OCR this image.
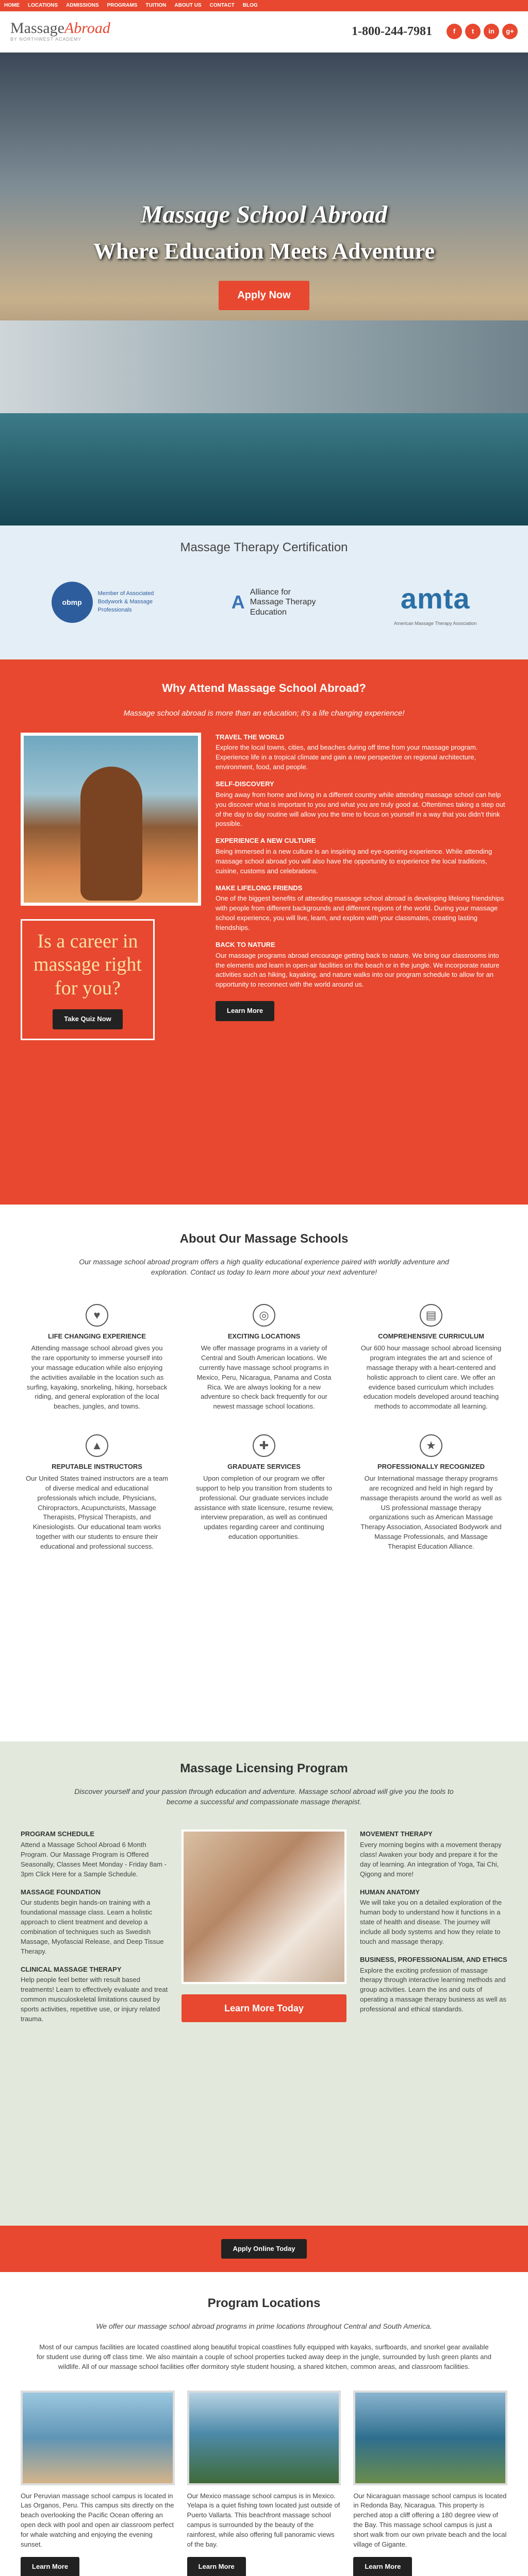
HOME LOCATIONS ADMISSIONS PROGRAMS TUITION ABOUT US CONTACT BLOG
MassageAbroad
BY NORTHWEST ACADEMY
1-800-244-7981	f	t	in	g+
Massage School Abroad
Where Education Meets Adventure
Apply Now
Massage Therapy Certification
obmp
Member of Associated Bodywork & Massage Professionals	A Alliance for Massage Therapy Education	amta
American Massage Therapy Association
Why Attend Massage School Abroad?

Massage school abroad is more than an education; it's a life changing experience!

Is a career in massage right for you?

Take Quiz Now
TRAVEL THE WORLD

Explore the local towns, cities, and beaches during off time from your massage program. Experience life in a tropical climate and gain a new perspective on regional architecture, environment, food, and people.

SELF-DISCOVERY

Being away from home and living in a different country while attending massage school can help you discover what is important to you and what you are truly good at. Oftentimes taking a step out of the day to day routine will allow you the time to focus on yourself in a way that you didn't think possible.

EXPERIENCE A NEW CULTURE

Being immersed in a new culture is an inspiring and eye-opening experience. While attending massage school abroad you will also have the opportunity to experience the local traditions, cuisine, customs and celebrations.

MAKE LIFELONG FRIENDS

One of the biggest benefits of attending massage school abroad is developing lifelong friendships with people from different backgrounds and different regions of the world. During your massage school experience, you will live, learn, and explore with your classmates, creating lasting friendships.

BACK TO NATURE

Our massage programs abroad encourage getting back to nature. We bring our classrooms into the elements and learn in open-air facilities on the beach or in the jungle. We incorporate nature activities such as hiking, kayaking, and nature walks into our program schedule to allow for an opportunity to reconnect with the world around us.

Learn More
About Our Massage Schools

Our massage school abroad program offers a high quality educational experience paired with worldly adventure and exploration. Contact us today to learn more about your next adventure!

♥
LIFE CHANGING EXPERIENCE

Attending massage school abroad gives you the rare opportunity to immerse yourself into your massage education while also enjoying the activities available in the location such as surfing, kayaking, snorkeling, hiking, horseback riding, and general exploration of the local beaches, jungles, and towns.

◎
EXCITING LOCATIONS

We offer massage programs in a variety of Central and South American locations. We currently have massage school programs in Mexico, Peru, Nicaragua, Panama and Costa Rica. We are always looking for a new adventure so check back frequently for our newest massage school locations.

▤
COMPREHENSIVE CURRICULUM

Our 600 hour massage school abroad licensing program integrates the art and science of massage therapy with a heart-centered and holistic approach to client care. We offer an evidence based curriculum which includes education models developed around teaching methods to accommodate all learning.

▲
REPUTABLE INSTRUCTORS

Our United States trained instructors are a team of diverse medical and educational professionals which include, Physicians, Chiropractors, Acupuncturists, Massage Therapists, Physical Therapists, and Kinesiologists. Our educational team works together with our students to ensure their educational and professional success.

✚
GRADUATE SERVICES

Upon completion of our program we offer support to help you transition from students to professional. Our graduate services include assistance with state licensure, resume review, interview preparation, as well as continued updates regarding career and continuing education opportunities.

★
PROFESSIONALLY RECOGNIZED

Our International massage therapy programs are recognized and held in high regard by massage therapists around the world as well as US professional massage therapy organizations such as American Massage Therapy Association, Associated Bodywork and Massage Professionals, and Massage Therapist Education Alliance.

Massage Licensing Program

Discover yourself and your passion through education and adventure. Massage school abroad will give you the tools to become a successful and compassionate massage therapist.

PROGRAM SCHEDULE

Attend a Massage School Abroad 6 Month Program. Our Massage Program is Offered Seasonally, Classes Meet Monday - Friday 8am - 3pm Click Here for a Sample Schedule.

MASSAGE FOUNDATION

Our students begin hands-on training with a foundational massage class. Learn a holistic approach to client treatment and develop a combination of techniques such as Swedish Massage, Myofascial Release, and Deep Tissue Therapy.

CLINICAL MASSAGE THERAPY

Help people feel better with result based treatments! Learn to effectively evaluate and treat common musculoskeletal limitations caused by sports activities, repetitive use, or injury related trauma.

Learn More Today
MOVEMENT THERAPY

Every morning begins with a movement therapy class! Awaken your body and prepare it for the day of learning. An integration of Yoga, Tai Chi, Qigong and more!

HUMAN ANATOMY

We will take you on a detailed exploration of the human body to understand how it functions in a state of health and disease. The journey will include all body systems and how they relate to touch and massage therapy.

BUSINESS, PROFESSIONALISM, AND ETHICS

Explore the exciting profession of massage therapy through interactive learning methods and group activities. Learn the ins and outs of operating a massage therapy business as well as professional and ethical standards.

Apply Online Today
Program Locations

We offer our massage school abroad programs in prime locations throughout Central and South America.

Most of our campus facilities are located coastlined along beautiful tropical coastlines fully equipped with kayaks, surfboards, and snorkel gear available for student use during off class time. We also maintain a couple of school properties tucked away deep in the jungle, surrounded by lush green plants and wildlife. All of our massage school facilities offer dormitory style student housing, a shared kitchen, common areas, and classroom facilities.

Our Peruvian massage school campus is located in Las Organos, Peru. This campus sits directly on the beach overlooking the Pacific Ocean offering an open deck with pool and open air classroom perfect for whale watching and enjoying the evening sunset.

Learn More

Our Mexico massage school campus is in Mexico. Yelapa is a quiet fishing town located just outside of Puerto Vallarta. This beachfront massage school campus is surrounded by the beauty of the rainforest, while also offering full panoramic views of the bay.

Learn More

Our Nicaraguan massage school campus is located in Redonda Bay, Nicaragua. This property is perched atop a cliff offering a 180 degree view of the Bay. This massage school campus is just a short walk from our own private beach and the local village of Gigante.

Learn More
